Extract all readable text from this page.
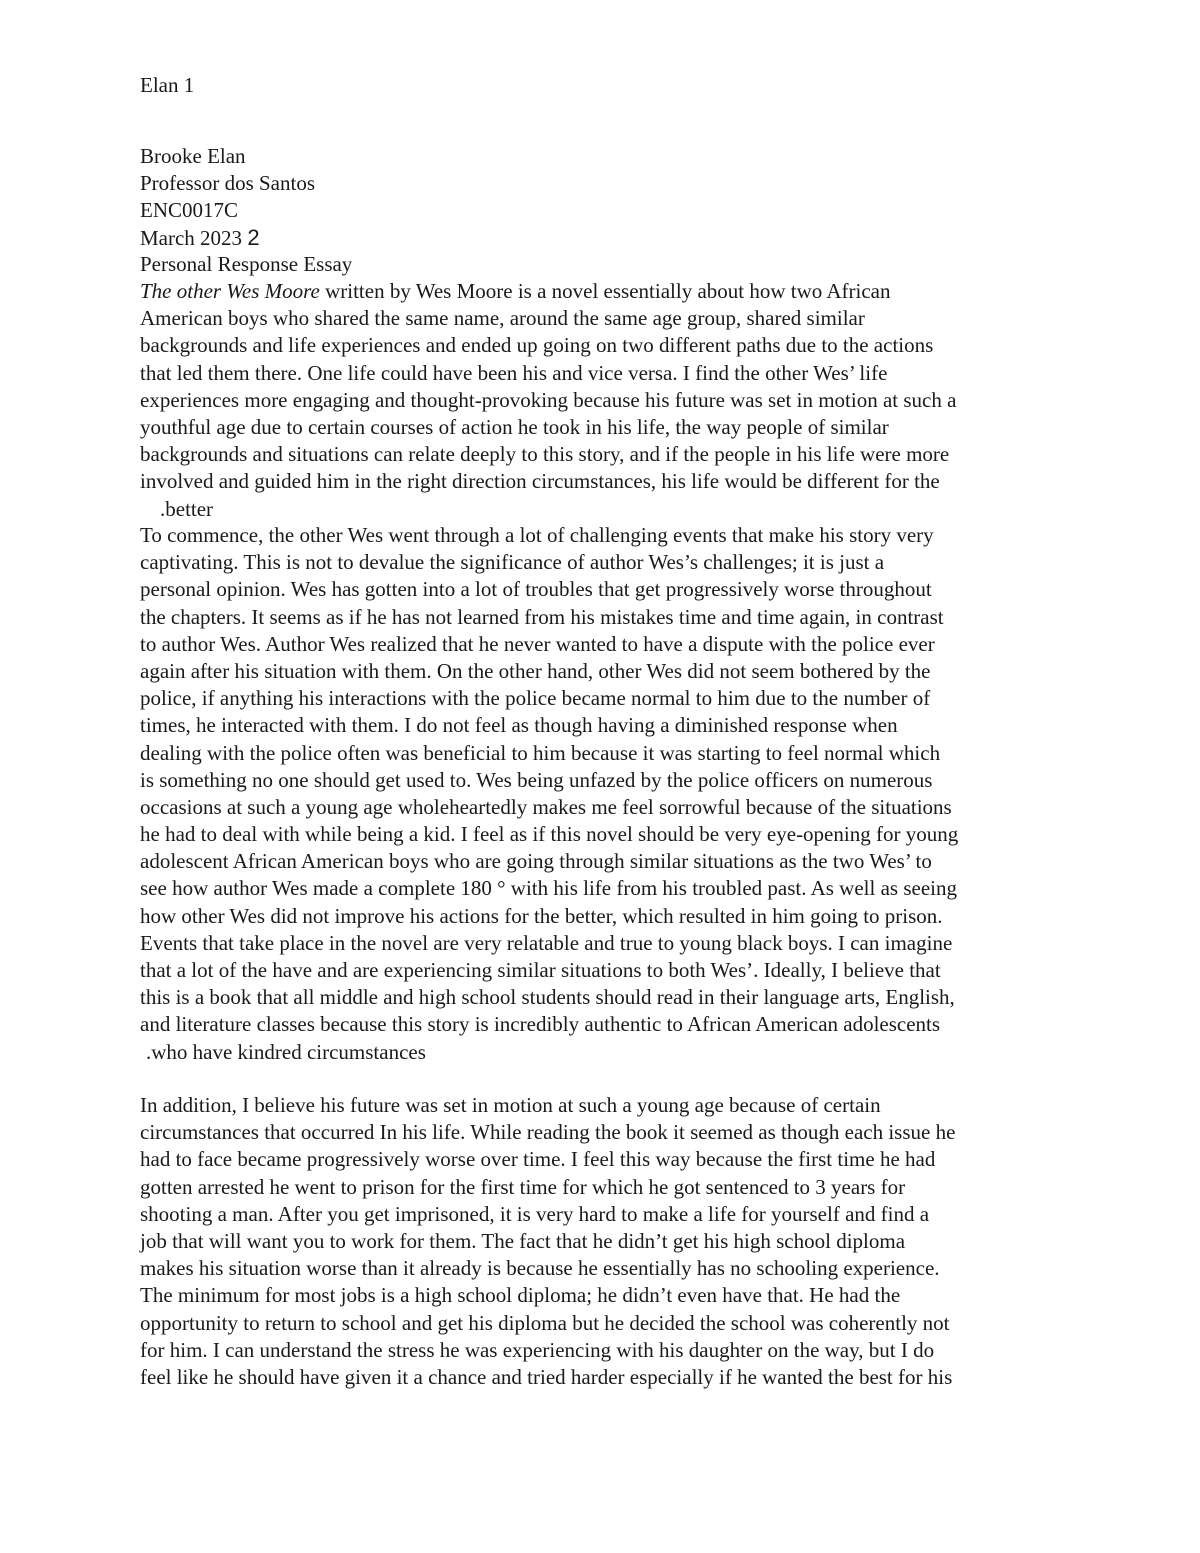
Elan 1
Brooke Elan
Professor dos Santos
ENC0017C
March 2023 2
Personal Response Essay
The other Wes Moore written by Wes Moore is a novel essentially about how two African
American boys who shared the same name, around the same age group, shared similar
backgrounds and life experiences and ended up going on two different paths due to the actions
that led them there. One life could have been his and vice versa. I find the other Wes’ life
experiences more engaging and thought-provoking because his future was set in motion at such a
youthful age due to certain courses of action he took in his life, the way people of similar
backgrounds and situations can relate deeply to this story, and if the people in his life were more
involved and guided him in the right direction circumstances, his life would be different for the
.better
To commence, the other Wes went through a lot of challenging events that make his story very
captivating. This is not to devalue the significance of author Wes’s challenges; it is just a
personal opinion. Wes has gotten into a lot of troubles that get progressively worse throughout
the chapters. It seems as if he has not learned from his mistakes time and time again, in contrast
to author Wes. Author Wes realized that he never wanted to have a dispute with the police ever
again after his situation with them. On the other hand, other Wes did not seem bothered by the
police, if anything his interactions with the police became normal to him due to the number of
times, he interacted with them. I do not feel as though having a diminished response when
dealing with the police often was beneficial to him because it was starting to feel normal which
is something no one should get used to. Wes being unfazed by the police officers on numerous
occasions at such a young age wholeheartedly makes me feel sorrowful because of the situations
he had to deal with while being a kid. I feel as if this novel should be very eye-opening for young
adolescent African American boys who are going through similar situations as the two Wes’ to
see how author Wes made a complete 180 ° with his life from his troubled past. As well as seeing
how other Wes did not improve his actions for the better, which resulted in him going to prison.
Events that take place in the novel are very relatable and true to young black boys. I can imagine
that a lot of the have and are experiencing similar situations to both Wes’. Ideally, I believe that
this is a book that all middle and high school students should read in their language arts, English,
and literature classes because this story is incredibly authentic to African American adolescents
.who have kindred circumstances
In addition, I believe his future was set in motion at such a young age because of certain
circumstances that occurred In his life. While reading the book it seemed as though each issue he
had to face became progressively worse over time. I feel this way because the first time he had
gotten arrested he went to prison for the first time for which he got sentenced to 3 years for
shooting a man. After you get imprisoned, it is very hard to make a life for yourself and find a
job that will want you to work for them. The fact that he didn’t get his high school diploma
makes his situation worse than it already is because he essentially has no schooling experience.
The minimum for most jobs is a high school diploma; he didn’t even have that. He had the
opportunity to return to school and get his diploma but he decided the school was coherently not
for him. I can understand the stress he was experiencing with his daughter on the way, but I do
feel like he should have given it a chance and tried harder especially if he wanted the best for his
